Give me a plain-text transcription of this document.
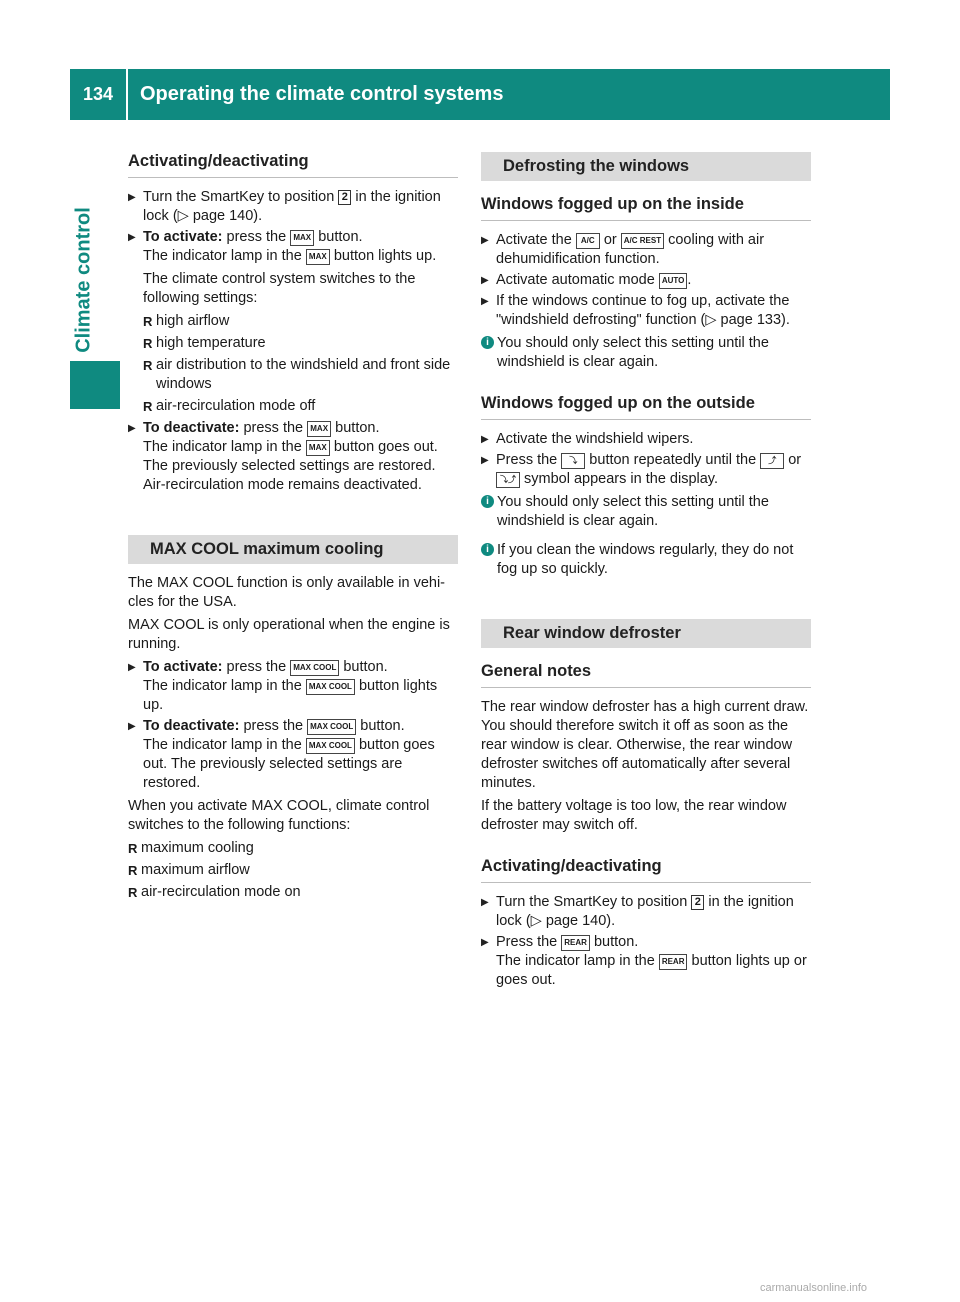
134	Operating the climate control systems
Climate control
Activating/deactivating
▶ Turn the SmartKey to position 2 in the ignition lock (▷ page 140).
▶ To activate: press the MAX button.
The indicator lamp in the MAX button lights up.

The climate control system switches to the following settings:

R high airflow
R high temperature
R air distribution to the windshield and front side windows
R air-recirculation mode off
▶ To deactivate: press the MAX button.
The indicator lamp in the MAX button goes out. The previously selected settings are restored. Air-recirculation mode remains deactivated.
MAX COOL maximum cooling

The MAX COOL function is only available in vehicles for the USA.

MAX COOL is only operational when the engine is running.

▶ To activate: press the MAX COOL button.
The indicator lamp in the MAX COOL button lights up.
▶ To deactivate: press the MAX COOL button.
The indicator lamp in the MAX COOL button goes out. The previously selected settings are restored.

When you activate MAX COOL, climate control switches to the following functions:

R maximum cooling
R maximum airflow
R air-recirculation mode on
Defrosting the windows
Windows fogged up on the inside
▶ Activate the A/C or A/C REST cooling with air dehumidification function.
▶ Activate automatic mode AUTO .
▶ If the windows continue to fog up, activate the "windshield defrosting" function (▷ page 133).
i You should only select this setting until the windshield is clear again.
Windows fogged up on the outside
▶ Activate the windshield wipers.
▶ Press the ⤵ button repeatedly until the ⤴ or ⤵⤴ symbol appears in the display.
i You should only select this setting until the windshield is clear again.
i If you clean the windows regularly, they do not fog up so quickly.
Rear window defroster
General notes

The rear window defroster has a high current draw. You should therefore switch it off as soon as the rear window is clear. Otherwise, the rear window defroster switches off automatically after several minutes.

If the battery voltage is too low, the rear window defroster may switch off.

Activating/deactivating
▶ Turn the SmartKey to position 2 in the ignition lock (▷ page 140).
▶ Press the REAR button.
The indicator lamp in the REAR button lights up or goes out.
carmanualsonline.info
